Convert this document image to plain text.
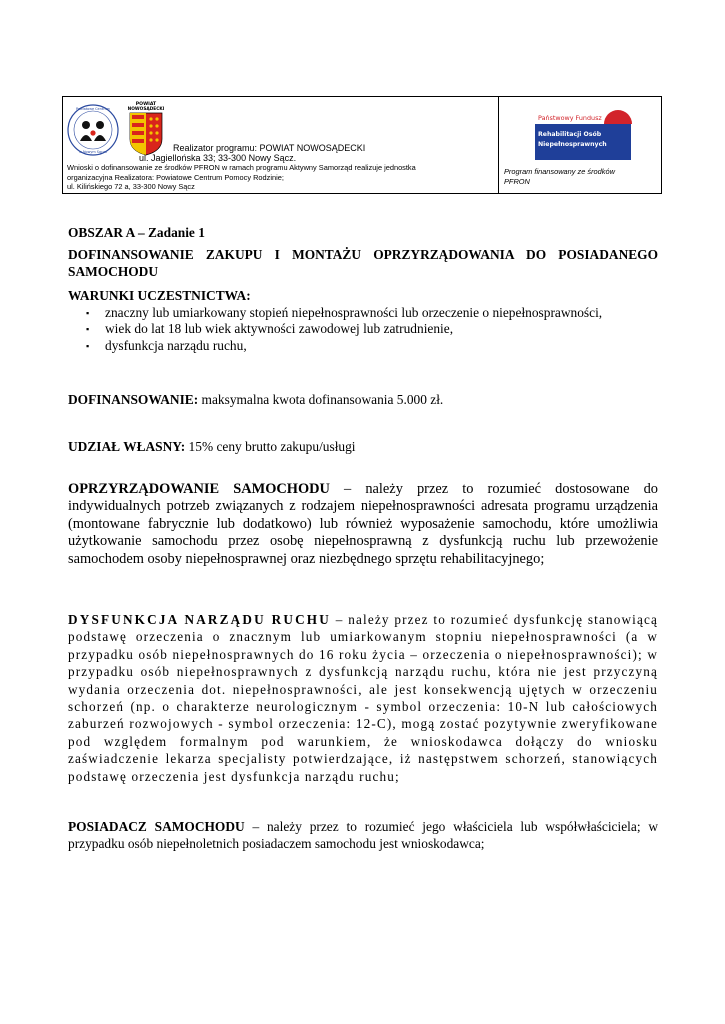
Powiatowe Centrum
w Nowym Sączu
POWIAT
NOWOSĄDECKI
Realizator programu: POWIAT NOWOSĄDECKI
ul. Jagiellońska 33; 33-300 Nowy Sącz.
Wnioski o dofinansowanie ze środków PFRON w ramach programu Aktywny Samorząd realizuje jednostka
organizacyjna Realizatora: Powiatowe Centrum Pomocy Rodzinie;
ul. Kilińskiego 72 a, 33-300 Nowy Sącz
Państwowy Fundusz
Rehabilitacji Osób
Niepełnosprawnych
Program finansowany ze środków
PFRON
OBSZAR A – Zadanie 1
DOFINANSOWANIE ZAKUPU I MONTAŻU OPRZYRZĄDOWANIA DO POSIADANEGO SAMOCHODU
WARUNKI UCZESTNICTWA:
▪ znaczny lub umiarkowany stopień niepełnosprawności lub orzeczenie o niepełnosprawności,
▪ wiek do lat 18 lub wiek aktywności zawodowej lub zatrudnienie,
▪ dysfunkcja narządu ruchu,
DOFINANSOWANIE: maksymalna kwota dofinansowania 5.000 zł.
UDZIAŁ WŁASNY: 15% ceny brutto zakupu/usługi
OPRZYRZĄDOWANIE SAMOCHODU – należy przez to rozumieć dostosowane do indywidualnych potrzeb związanych z rodzajem niepełnosprawności adresata programu urządzenia (montowane fabrycznie lub dodatkowo) lub również wyposażenie samochodu, które umożliwia użytkowanie samochodu przez osobę niepełnosprawną z dysfunkcją ruchu lub przewożenie samochodem osoby niepełnosprawnej oraz niezbędnego sprzętu rehabilitacyjnego;
DYSFUNKCJA NARZĄDU RUCHU – należy przez to rozumieć dysfunkcję stanowiącą podstawę orzeczenia o znacznym lub umiarkowanym stopniu niepełnosprawności (a w przypadku osób niepełnosprawnych do 16 roku życia – orzeczenia o niepełnosprawności); w przypadku osób niepełnosprawnych z dysfunkcją narządu ruchu, która nie jest przyczyną wydania orzeczenia dot. niepełnosprawności, ale jest konsekwencją ujętych w orzeczeniu schorzeń (np. o charakterze neurologicznym - symbol orzeczenia: 10-N lub całościowych zaburzeń rozwojowych - symbol orzeczenia: 12-C), mogą zostać pozytywnie zweryfikowane pod względem formalnym pod warunkiem, że wnioskodawca dołączy do wniosku zaświadczenie lekarza specjalisty potwierdzające, iż następstwem schorzeń, stanowiących podstawę orzeczenia jest dysfunkcja narządu ruchu;
POSIADACZ SAMOCHODU – należy przez to rozumieć jego właściciela lub współwłaściciela; w przypadku osób niepełnoletnich posiadaczem samochodu jest wnioskodawca;
